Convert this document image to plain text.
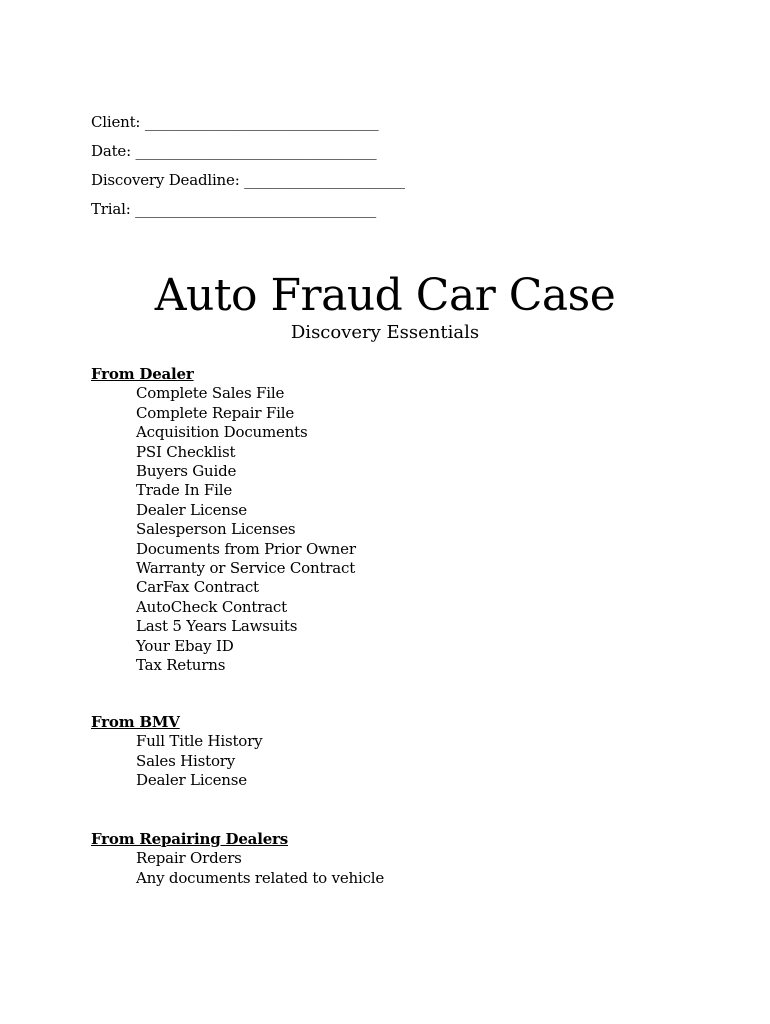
Client: ________________________________
Date: _________________________________
Discovery Deadline: ______________________
Trial: _________________________________
Auto Fraud Car Case
Discovery Essentials
From Dealer
Complete Sales File
Complete Repair File
Acquisition Documents
PSI Checklist
Buyers Guide
Trade In File
Dealer License
Salesperson Licenses
Documents from Prior Owner
Warranty or Service Contract
CarFax Contract
AutoCheck Contract
Last 5 Years Lawsuits
Your Ebay ID
Tax Returns
From BMV
Full Title History
Sales History
Dealer License
From Repairing Dealers
Repair Orders
Any documents related to vehicle
